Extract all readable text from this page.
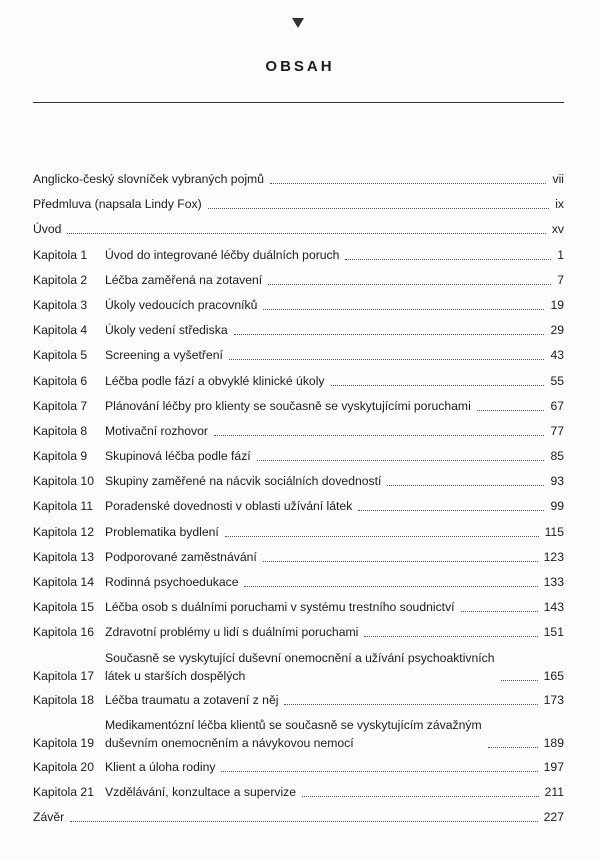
OBSAH
Anglicko-český slovníček vybraných pojmů	vii
Předmluva (napsala Lindy Fox)	ix
Úvod	xv
Kapitola 1	Úvod do integrované léčby duálních poruch	1
Kapitola 2	Léčba zaměřená na zotavení	7
Kapitola 3	Úkoly vedoucích pracovníků	19
Kapitola 4	Úkoly vedení střediska	29
Kapitola 5	Screening a vyšetření	43
Kapitola 6	Léčba podle fází a obvyklé klinické úkoly	55
Kapitola 7	Plánování léčby pro klienty se současně se vyskytujícími poruchami	67
Kapitola 8	Motivační rozhovor	77
Kapitola 9	Skupinová léčba podle fází	85
Kapitola 10 Skupiny zaměřené na nácvik sociálních dovedností	93
Kapitola 11 Poradenské dovednosti v oblasti užívání látek	99
Kapitola 12 Problematika bydlení	115
Kapitola 13 Podporované zaměstnávání	123
Kapitola 14 Rodinná psychoedukace	133
Kapitola 15 Léčba osob s duálními poruchami v systému trestního soudnictví	143
Kapitola 16 Zdravotní problémy u lidí s duálními poruchami	151
Kapitola 17
Současně se vyskytující duševní onemocnění a užívání psychoaktivních
látek u starších dospělých	165
Kapitola 18 Léčba traumatu a zotavení z něj	173
Kapitola 19
Medikamentózní léčba klientů se současně se vyskytujícím závažným
duševním onemocněním a návykovou nemocí	189
Kapitola 20 Klient a úloha rodiny	197
Kapitola 21 Vzdělávání, konzultace a supervize	211
Závěr	227
